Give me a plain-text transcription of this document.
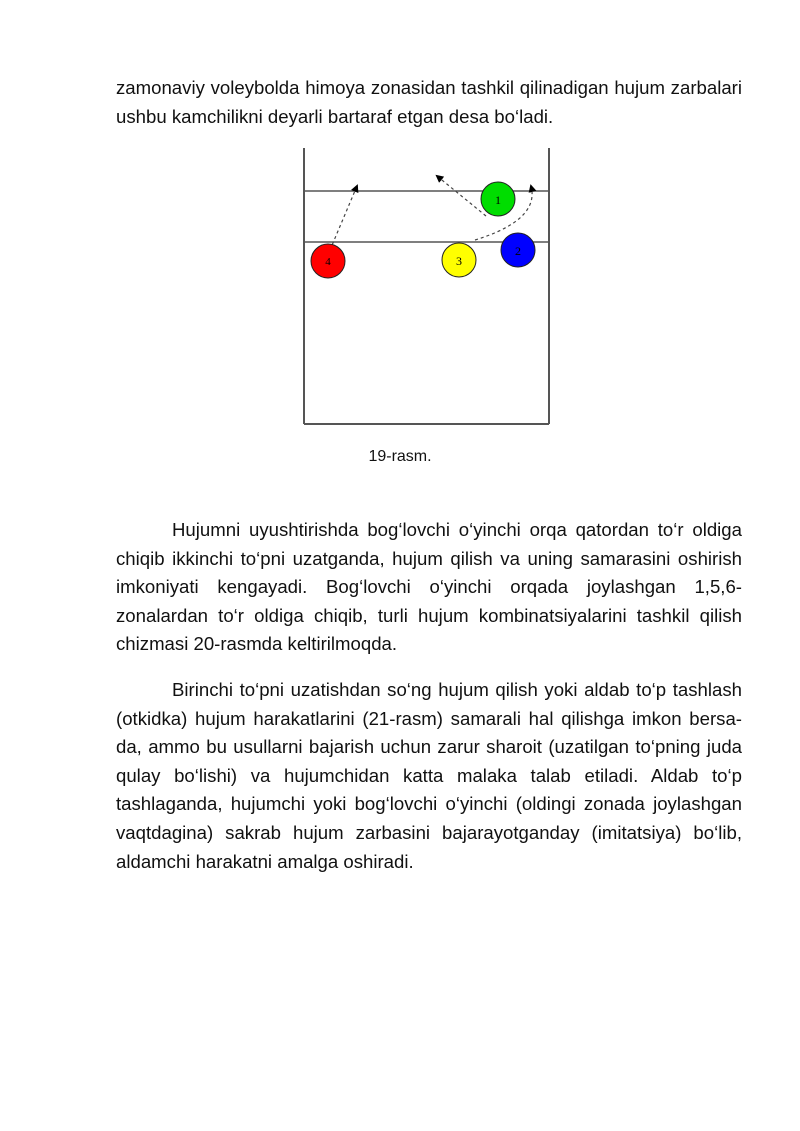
zamonaviy voleybolda himoya zonasidan tashkil qilinadigan hujum zarbalari ushbu kamchilikni deyarli bartaraf etgan desa bo‘ladi.

4	3
1
2
19-rasm.

Hujumni uyushtirishda bog‘lovchi o‘yinchi orqa qatordan to‘r oldiga chiqib ikkinchi to‘pni uzatganda, hujum qilish va uning samarasini oshirish imkoniyati kengayadi. Bog‘lovchi o‘yinchi orqada joylashgan 1,5,6-zonalardan to‘r oldiga chiqib, turli hujum kombinatsiyalarini tashkil qilish chizmasi 20-rasmda keltirilmoqda.

Birinchi to‘pni uzatishdan so‘ng hujum qilish yoki aldab to‘p tashlash (otkidka) hujum harakatlarini (21-rasm) samarali hal qilishga imkon bersa-da, ammo bu usullarni bajarish uchun zarur sharoit (uzatilgan to‘pning juda qulay bo‘lishi) va hujumchidan katta malaka talab etiladi. Aldab to‘p tashlaganda, hujumchi yoki bog‘lovchi o‘yinchi (oldingi zonada joylashgan vaqtdagina) sakrab hujum zarbasini bajarayotganday (imitatsiya) bo‘lib, aldamchi harakatni amalga oshiradi.
